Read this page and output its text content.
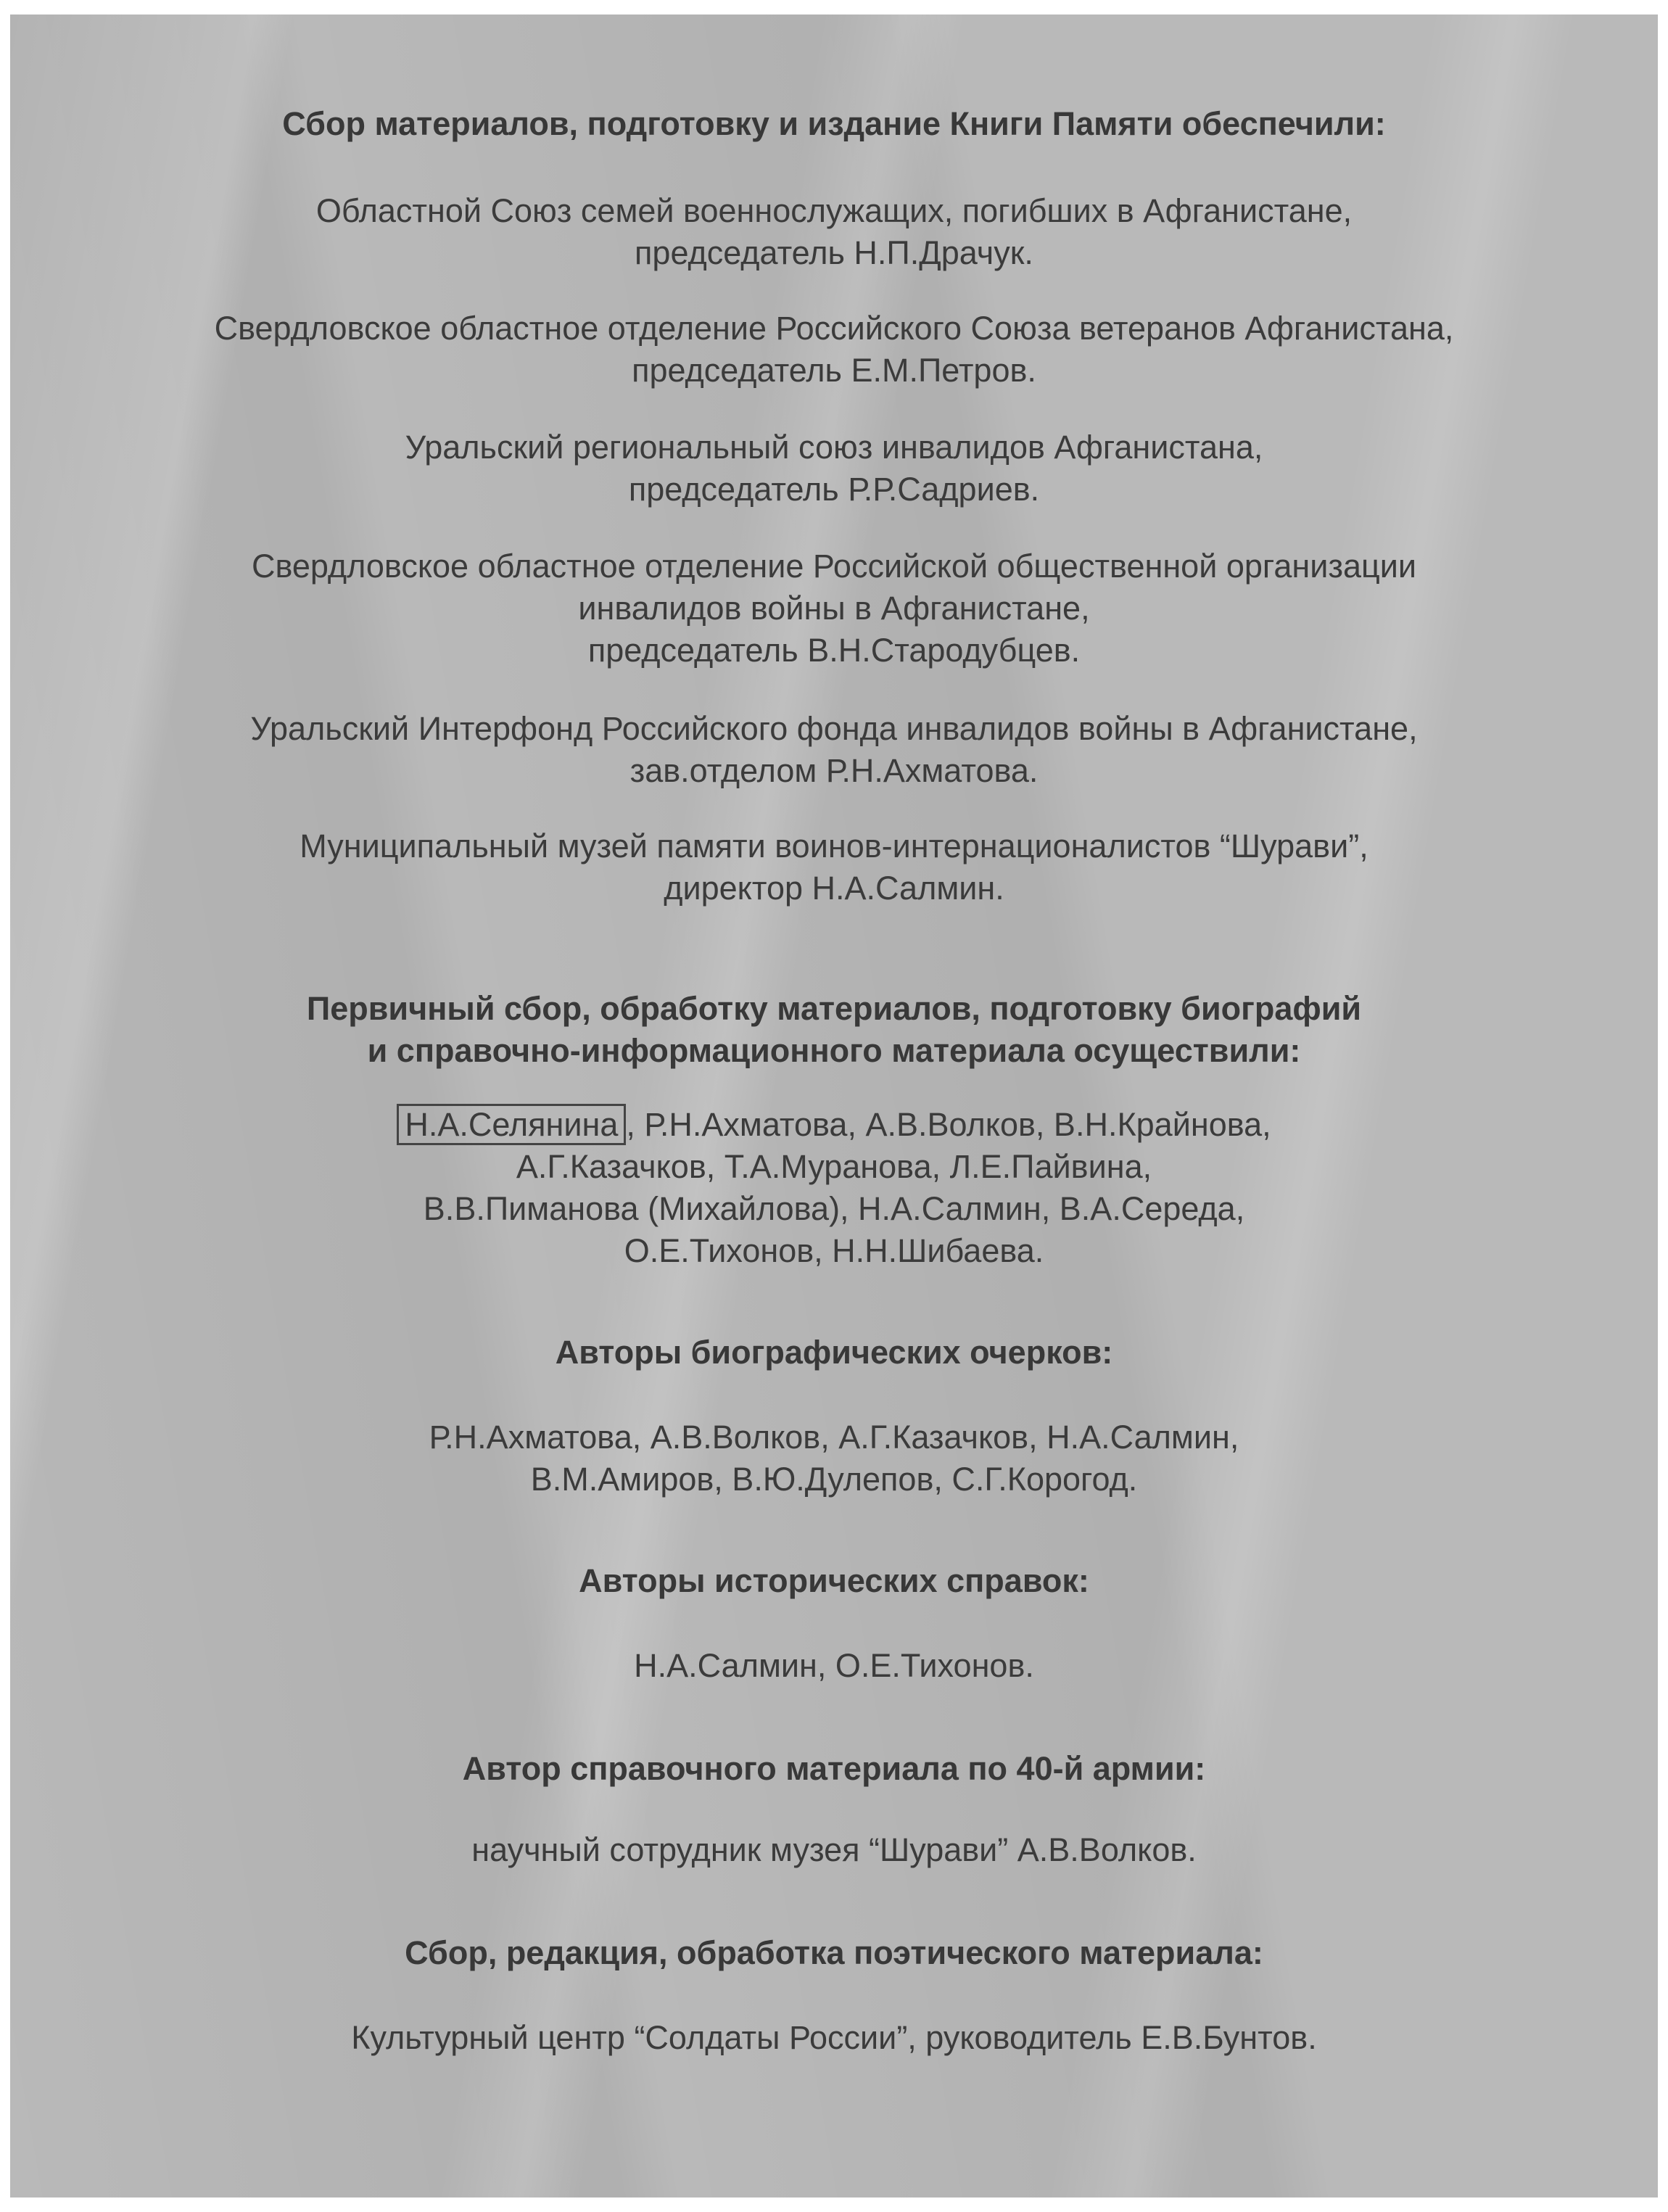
Сбор материалов, подготовку и издание Книги Памяти обеспечили:
Областной Союз семей военнослужащих, погибших в Афганистане,
председатель Н.П.Драчук.
Свердловское областное отделение Российского Союза ветеранов Афганистана,
председатель Е.М.Петров.
Уральский региональный союз инвалидов Афганистана,
председатель Р.Р.Садриев.
Свердловское областное отделение Российской общественной организации
инвалидов войны в Афганистане,
председатель В.Н.Стародубцев.
Уральский Интерфонд Российского фонда инвалидов войны в Афганистане,
зав.отделом Р.Н.Ахматова.
Муниципальный музей памяти воинов-интернационалистов “Шурави”,
директор Н.А.Салмин.
Первичный сбор, обработку материалов, подготовку биографий
и справочно-информационного материала осуществили:
Н.А.Селянина , Р.Н.Ахматова, А.В.Волков, В.Н.Крайнова,
А.Г.Казачков, Т.А.Муранова, Л.Е.Пайвина,
В.В.Пиманова (Михайлова), Н.А.Салмин, В.А.Середа,
О.Е.Тихонов, Н.Н.Шибаева.
Авторы биографических очерков:
Р.Н.Ахматова, А.В.Волков, А.Г.Казачков, Н.А.Салмин,
В.М.Амиров, В.Ю.Дулепов, С.Г.Корогод.
Авторы исторических справок:
Н.А.Салмин, О.Е.Тихонов.
Автор справочного материала по 40-й армии:
научный сотрудник музея “Шурави” А.В.Волков.
Сбор, редакция, обработка поэтического материала:
Культурный центр “Солдаты России”, руководитель Е.В.Бунтов.
